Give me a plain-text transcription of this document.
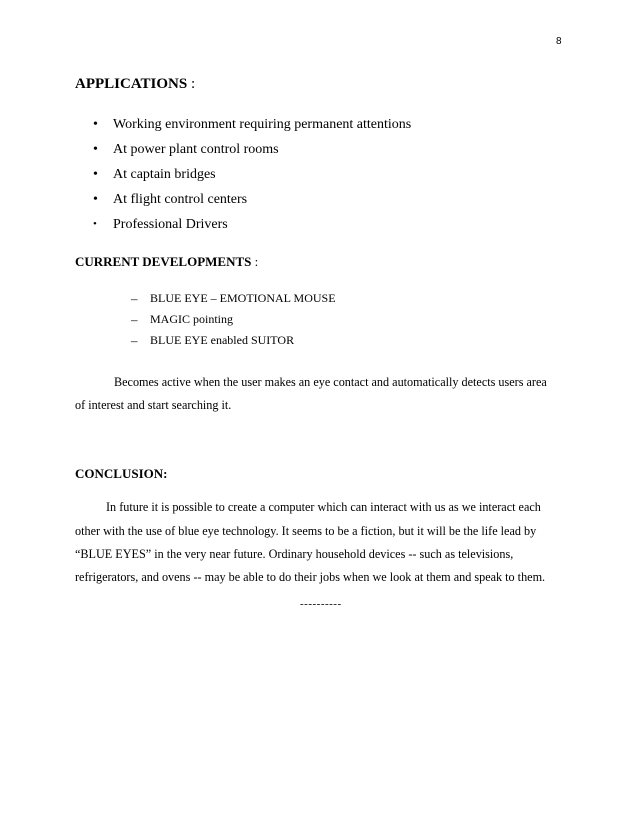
8
APPLICATIONS :
• Working environment requiring permanent attentions
• At power plant control rooms
• At captain bridges
• At flight control centers
• Professional Drivers
CURRENT DEVELOPMENTS :
– BLUE EYE – EMOTIONAL MOUSE
– MAGIC pointing
– BLUE EYE enabled SUITOR
Becomes active when the user makes an eye contact and automatically detects users area
of interest and start searching it.
CONCLUSION:
In future it is possible to create a computer which can interact with us as we interact each
other with the use of blue eye technology. It seems to be a fiction, but it will be the life lead by
“BLUE EYES” in the very near future. Ordinary household devices -- such as televisions,
refrigerators, and ovens -- may be able to do their jobs when we look at them and speak to them.
----------
